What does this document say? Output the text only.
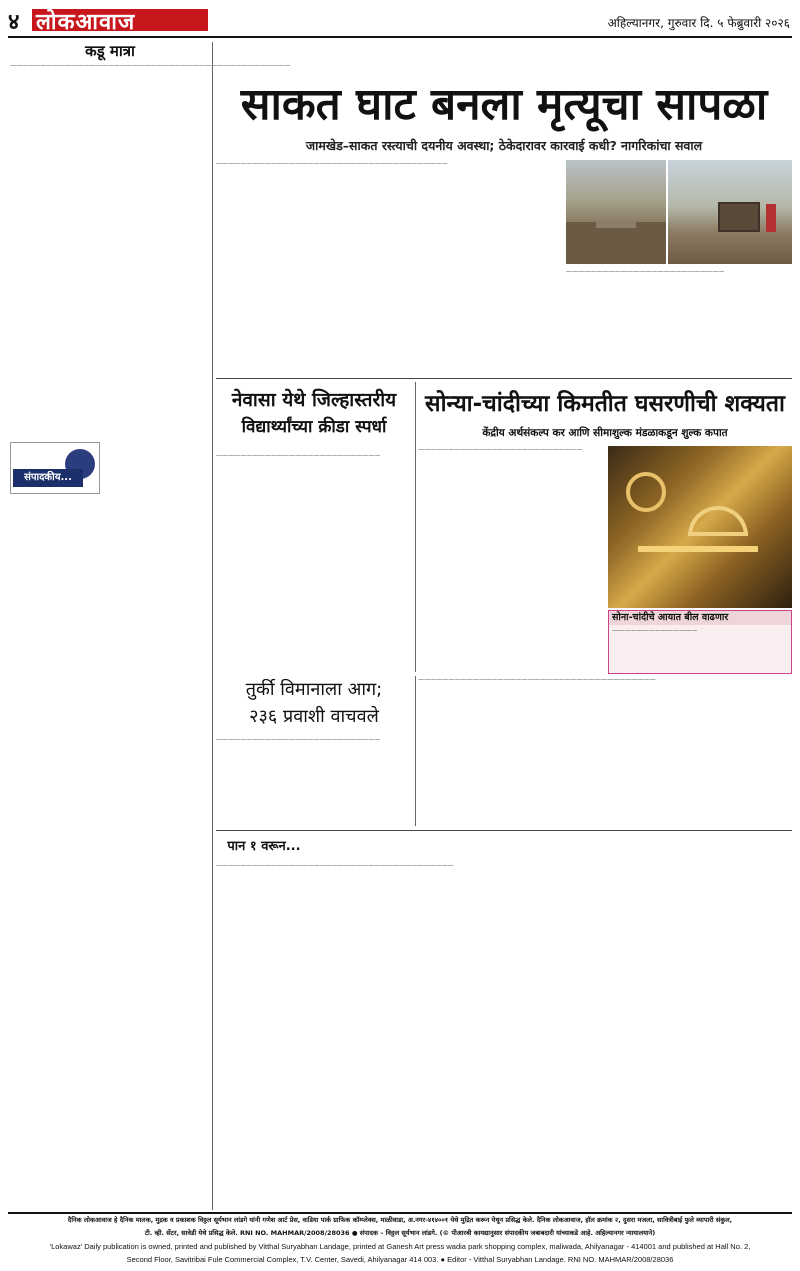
४ लोकआवाज	अहिल्यानगर, गुरुवार दि. ५ फेब्रुवारी २०२६
कडू मात्रा

——————————————————————————————————————————————

संपादकीय...
साकत घाट बनला मृत्यूचा सापळा
जामखेड–साकत रस्त्याची दयनीय अवस्था; ठेकेदारावर कारवाई कधी? नागरिकांचा सवाल

——————————————————————————————————————

——————————————————————————

नेवासा येथे जिल्हास्तरीय
विद्यार्थ्यांच्या क्रीडा स्पर्धा

———————————————————————————

सोन्या-चांदीच्या किमतीत घसरणीची शक्यता
केंद्रीय अर्थसंकल्प कर आणि सीमाशुल्क मंडळाकडून शुल्क कपात

———————————————————————————

सोना-चांदीचे आयात बील वाढणार

——————————————

तुर्की विमानाला आग;
२३६ प्रवाशी वाचवले

———————————————————————————

———————————————————————————————————————

पान १ वरून...

———————————————————————————————————————

दैनिक लोकआवाज हे दैनिक मालक, मुद्रक व प्रकाशक विठ्ठल सूर्यभान लांडगे यांनी गणेश आर्ट प्रेस, वाडिया पार्क ग्राफिक कॉम्प्लेक्स, माळीवाडा, अ.नगर-४१४००१ येथे मुद्रित करून येथून प्रसिद्ध केले. दैनिक लोकआवाज, हॉल क्रमांक २, दुसरा मजला, सावित्रीबाई फुले व्यापारी संकुल,
टी. व्ही. सेंटर, सावेडी येथे प्रसिद्ध केले. RNI NO. MAHMAR/2008/28036 ● संपादक – विठ्ठल सूर्यभान लांडगे. (© पीआरबी कायद्यानुसार संपादकीय जबाबदारी यांच्याकडे आहे. अहिल्यानगर न्यायालयाने)
'Lokawaz' Daily publication is owned, printed and published by Vitthal Suryabhan Landage, printed at Ganesh Art press wadia park shopping complex, maliwada, Ahilyanagar - 414001 and published at Hall No. 2,
Second Floor, Savitribai Fule Commercial Complex, T.V. Center, Savedi, Ahilyanagar 414 003. ● Editor - Vitthal Suryabhan Landage. RNI NO. MAHMAR/2008/28036
